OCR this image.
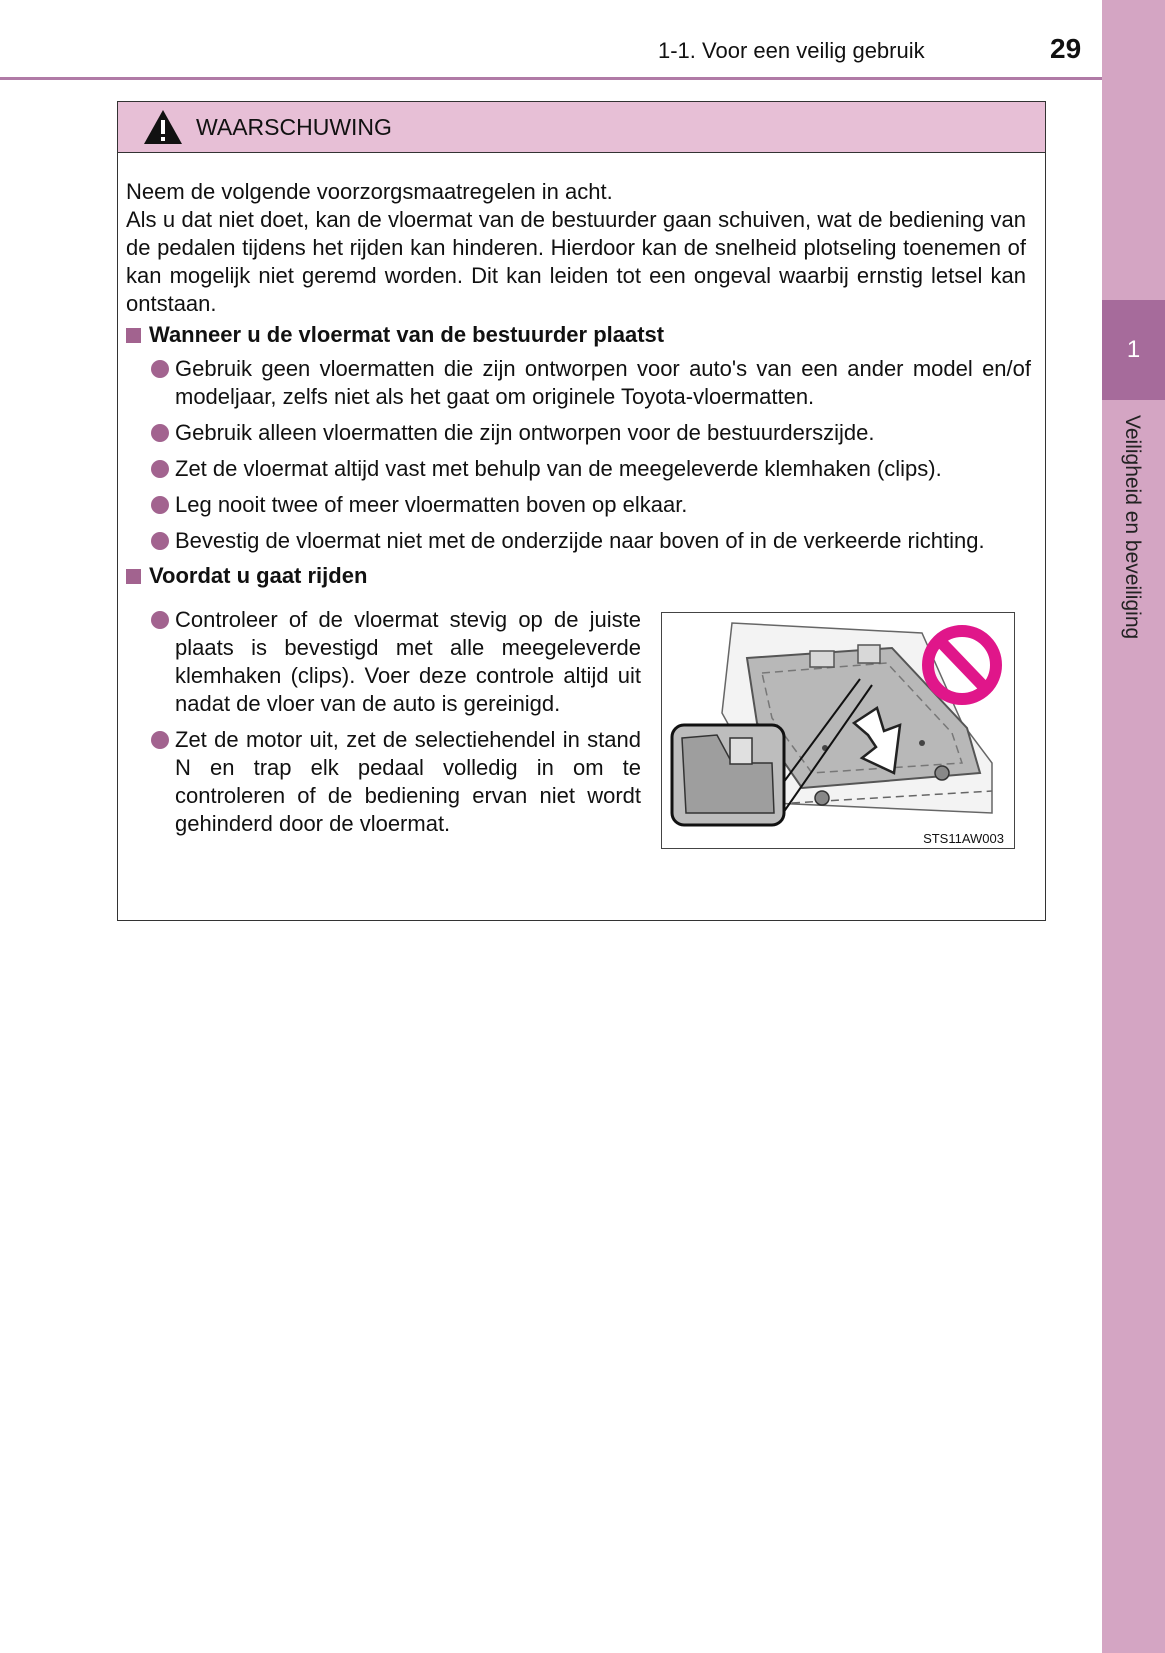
1
Veiligheid en beveiliging
1-1. Voor een veilig gebruik	29
WAARSCHUWING

Neem de volgende voorzorgsmaatregelen in acht.

Als u dat niet doet, kan de vloermat van de bestuurder gaan schuiven, wat de bediening van de pedalen tijdens het rijden kan hinderen. Hierdoor kan de snelheid plotseling toenemen of kan mogelijk niet geremd worden. Dit kan leiden tot een ongeval waarbij ernstig letsel kan ontstaan.

Wanneer u de vloermat van de bestuurder plaatst
Gebruik geen vloermatten die zijn ontworpen voor auto's van een ander model en/of modeljaar, zelfs niet als het gaat om originele Toyota-vloermatten.
Gebruik alleen vloermatten die zijn ontworpen voor de bestuurderszijde.
Zet de vloermat altijd vast met behulp van de meegeleverde klemhaken (clips).
Leg nooit twee of meer vloermatten boven op elkaar.
Bevestig de vloermat niet met de onderzijde naar boven of in de verkeerde richting.
Voordat u gaat rijden
Controleer of de vloermat stevig op de juiste plaats is bevestigd met alle meegeleverde klemhaken (clips). Voer deze controle altijd uit nadat de vloer van de auto is gereinigd.
Zet de motor uit, zet de selectiehendel in stand N en trap elk pedaal volledig in om te controleren of de bediening ervan niet wordt gehinderd door de vloermat.
STS11AW003
